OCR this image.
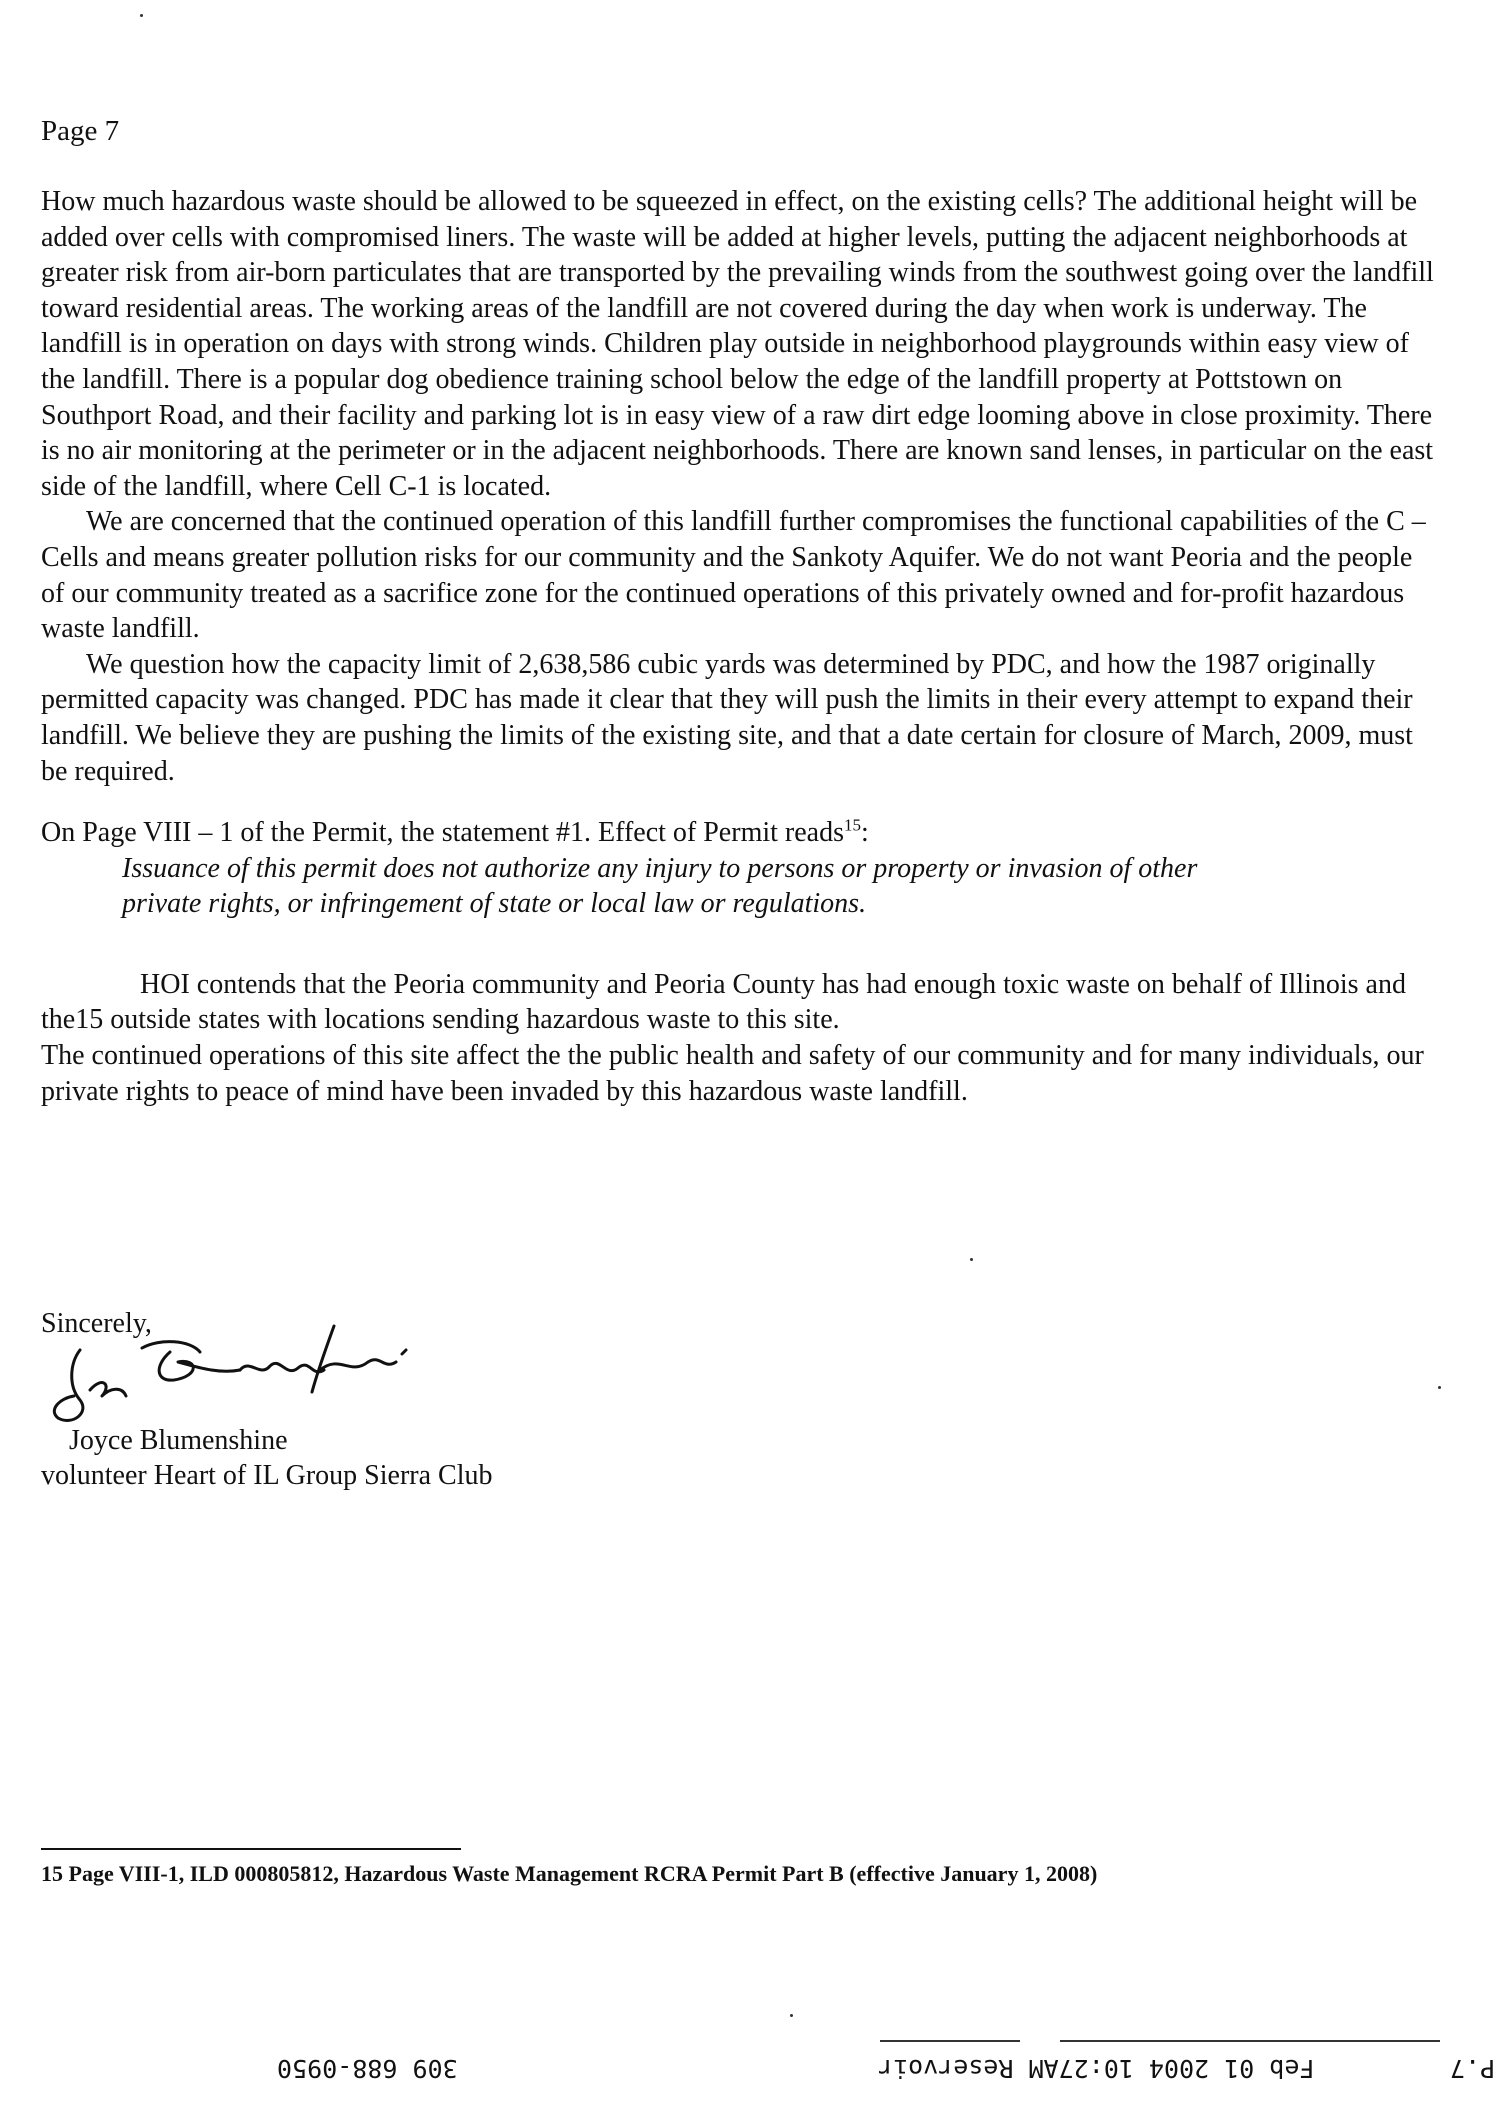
Page 7

How much hazardous waste should be allowed to be squeezed in effect, on the existing cells? The additional height will be added over cells with compromised liners. The waste will be added at higher levels, putting the adjacent neighborhoods at greater risk from air-born particulates that are transported by the prevailing winds from the southwest going over the landfill toward residential areas. The working areas of the landfill are not covered during the day when work is underway. The landfill is in operation on days with strong winds. Children play outside in neighborhood playgrounds within easy view of the landfill. There is a popular dog obedience training school below the edge of the landfill property at Pottstown on Southport Road, and their facility and parking lot is in easy view of a raw dirt edge looming above in close proximity. There is no air monitoring at the perimeter or in the adjacent neighborhoods. There are known sand lenses, in particular on the east side of the landfill, where Cell C-1 is located.

We are concerned that the continued operation of this landfill further compromises the functional capabilities of the C – Cells and means greater pollution risks for our community and the Sankoty Aquifer. We do not want Peoria and the people of our community treated as a sacrifice zone for the continued operations of this privately owned and for-profit hazardous waste landfill.

We question how the capacity limit of 2,638,586 cubic yards was determined by PDC, and how the 1987 originally permitted capacity was changed. PDC has made it clear that they will push the limits in their every attempt to expand their landfill. We believe they are pushing the limits of the existing site, and that a date certain for closure of March, 2009, must be required.

On Page VIII – 1 of the Permit, the statement #1. Effect of Permit reads$^{15}$:

Issuance of this permit does not authorize any injury to persons or property or invasion of other private rights, or infringement of state or local law or regulations.

HOI contends that the Peoria community and Peoria County has had enough toxic waste on behalf of Illinois and the15 outside states with locations sending hazardous waste to this site.

The continued operations of this site affect the the public health and safety of our community and for many individuals, our private rights to peace of mind have been invaded by this hazardous waste landfill.

Sincerely,
Joyce Blumenshine
volunteer Heart of IL Group Sierra Club
15 Page VIII-1, ILD 000805812, Hazardous Waste Management RCRA Permit Part B (effective January 1, 2008)
P.7
309 688-0950	Feb 01 2004 10:27AM Reservoir
